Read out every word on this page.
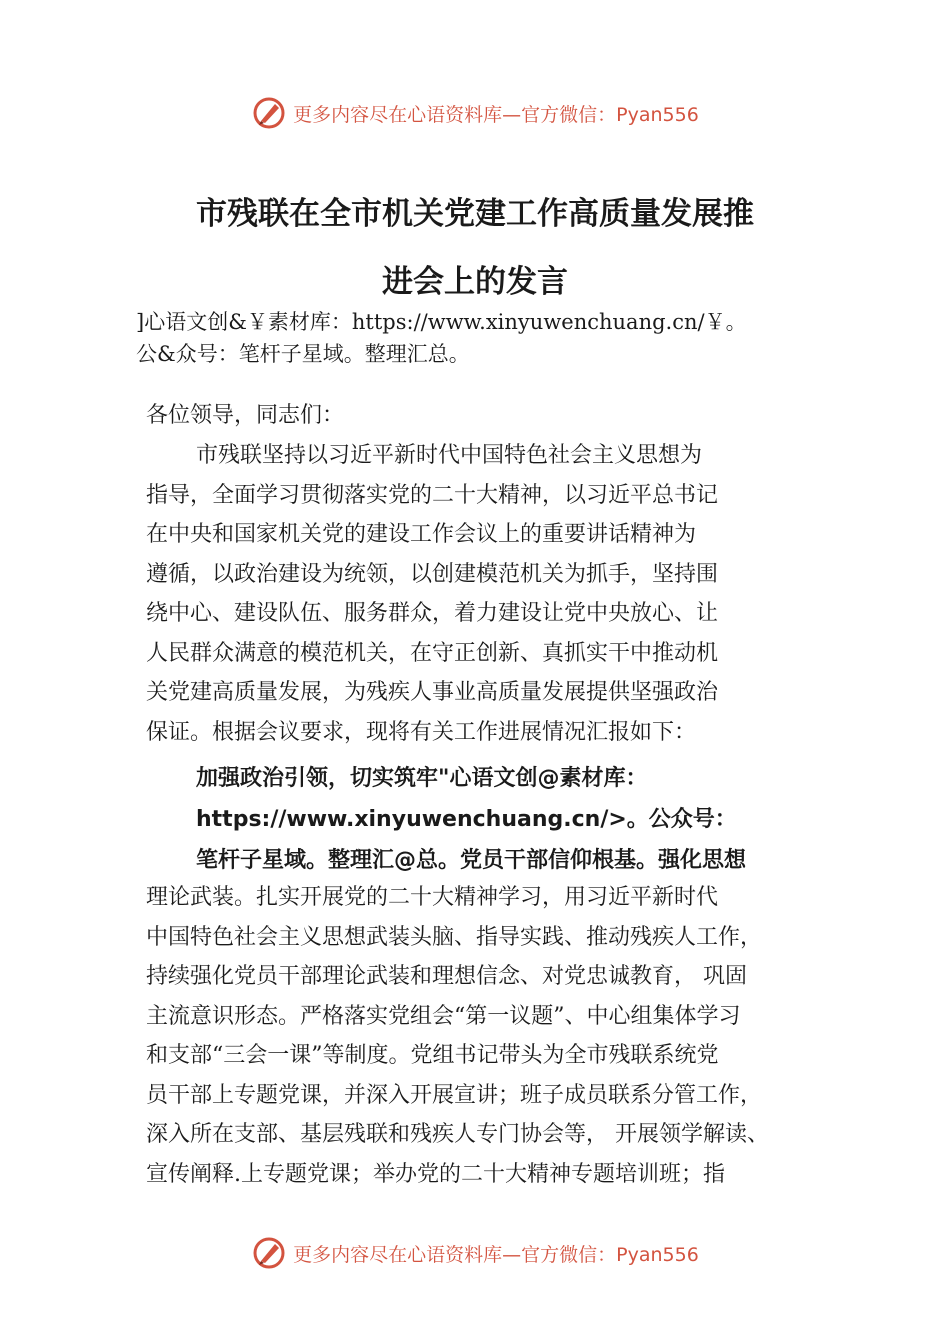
更多内容尽在心语资料库—官方微信：Pyan556
市残联在全市机关党建工作高质量发展推
进会上的发言
]心语文创&￥素材库：https://www.xinyuwenchuang.cn/￥。
公&众号：笔杆子星域。整理汇总。
各位领导，同志们：
市残联坚持以习近平新时代中国特色社会主义思想为
指导，全面学习贯彻落实党的二十大精神，以习近平总书记
在中央和国家机关党的建设工作会议上的重要讲话精神为
遵循，以政治建设为统领，以创建模范机关为抓手，坚持围
绕中心、建设队伍、服务群众，着力建设让党中央放心、让
人民群众满意的模范机关，在守正创新、真抓实干中推动机
关党建高质量发展，为残疾人事业高质量发展提供坚强政治
保证。根据会议要求，现将有关工作进展情况汇报如下：
加强政治引领，切实筑牢"心语文创@素材库：
https://www.xinyuwenchuang.cn/>。公众号：
笔杆子星域。整理汇@总。党员干部信仰根基。强化思想
理论武装。扎实开展党的二十大精神学习，用习近平新时代
中国特色社会主义思想武装头脑、指导实践、推动残疾人工作，
持续强化党员干部理论武装和理想信念、对党忠诚教育， 巩固
主流意识形态。严格落实党组会“第一议题”、中心组集体学习
和支部“三会一课”等制度。党组书记带头为全市残联系统党
员干部上专题党课，并深入开展宣讲；班子成员联系分管工作，
深入所在支部、基层残联和残疾人专门协会等， 开展领学解读、
宣传阐释.上专题党课；举办党的二十大精神专题培训班；指
更多内容尽在心语资料库—官方微信：Pyan556
